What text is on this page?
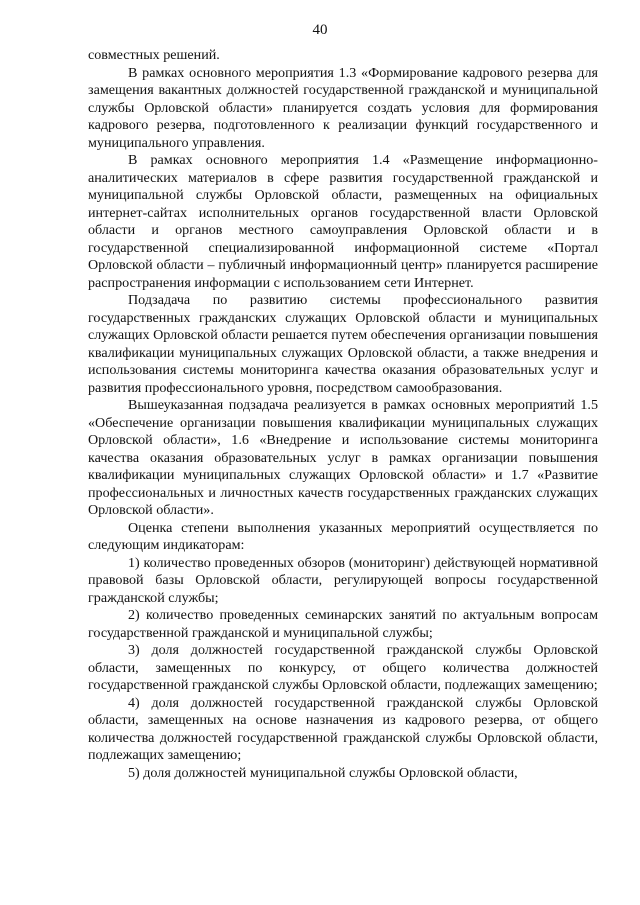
40

совместных решений.

В рамках основного мероприятия 1.3 «Формирование кадрового резерва для замещения вакантных должностей государственной гражданской и муниципальной службы Орловской области» планируется создать условия для формирования кадрового резерва, подготовленного к реализации функций государственного и муниципального управления.

В рамках основного мероприятия 1.4 «Размещение информационно-аналитических материалов в сфере развития государственной гражданской и муниципальной службы Орловской области, размещенных на официальных интернет-сайтах исполнительных органов государственной власти Орловской области и органов местного самоуправления Орловской области и в государственной специализированной информационной системе «Портал Орловской области – публичный информационный центр» планируется расширение распространения информации с использованием сети Интернет.

Подзадача по развитию системы профессионального развития государственных гражданских служащих Орловской области и муниципальных служащих Орловской области решается путем обеспечения организации повышения квалификации муниципальных служащих Орловской области, а также внедрения и использования системы мониторинга качества оказания образовательных услуг и развития профессионального уровня, посредством самообразования.

Вышеуказанная подзадача реализуется в рамках основных мероприятий 1.5 «Обеспечение организации повышения квалификации муниципальных служащих Орловской области», 1.6 «Внедрение и использование системы мониторинга качества оказания образовательных услуг в рамках организации повышения квалификации муниципальных служащих Орловской области» и 1.7 «Развитие профессиональных и личностных качеств государственных гражданских служащих Орловской области».

Оценка степени выполнения указанных мероприятий осуществляется по следующим индикаторам:

1) количество проведенных обзоров (мониторинг) действующей нормативной правовой базы Орловской области, регулирующей вопросы государственной гражданской службы;

2) количество проведенных семинарских занятий по актуальным вопросам государственной гражданской и муниципальной службы;

3) доля должностей государственной гражданской службы Орловской области, замещенных по конкурсу, от общего количества должностей государственной гражданской службы Орловской области, подлежащих замещению;

4) доля должностей государственной гражданской службы Орловской области, замещенных на основе назначения из кадрового резерва, от общего количества должностей государственной гражданской службы Орловской области, подлежащих замещению;

5) доля должностей муниципальной службы Орловской области,
